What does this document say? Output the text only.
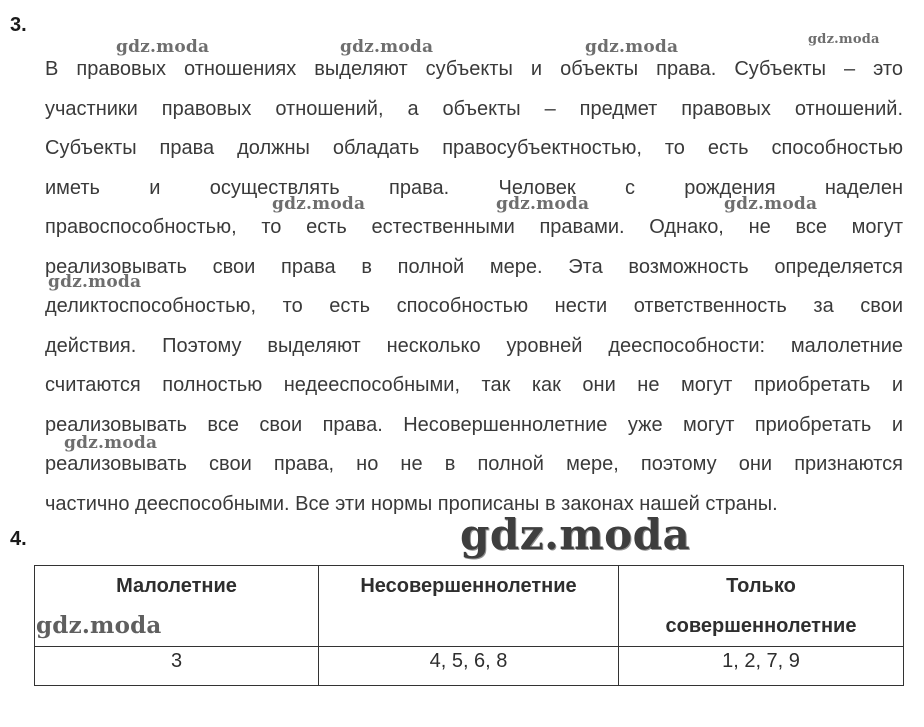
3.
В правовых отношениях выделяют субъекты и объекты права. Субъекты – это
участники правовых отношений, а объекты – предмет правовых отношений.
Субъекты права должны обладать правосубъектностью, то есть способностью
иметь и осуществлять права. Человек с рождения наделен
правоспособностью, то есть естественными правами. Однако, не все могут
реализовывать свои права в полной мере. Эта возможность определяется
деликтоспособностью, то есть способностью нести ответственность за свои
действия. Поэтому выделяют несколько уровней дееспособности: малолетние
считаются полностью недееспособными, так как они не могут приобретать и
реализовывать все свои права. Несовершеннолетние уже могут приобретать и
реализовывать свои права, но не в полной мере, поэтому они признаются
частично дееспособными. Все эти нормы прописаны в законах нашей страны.
4.
Малолетние	Несовершеннолетние	Только совершеннолетние
3	4, 5, 6, 8	1, 2, 7, 9
gdz.moda	gdz.moda	gdz.moda	gdz.moda
gdz.moda	gdz.moda	gdz.moda
gdz.moda
gdz.moda
gdz.moda
gdz.moda
